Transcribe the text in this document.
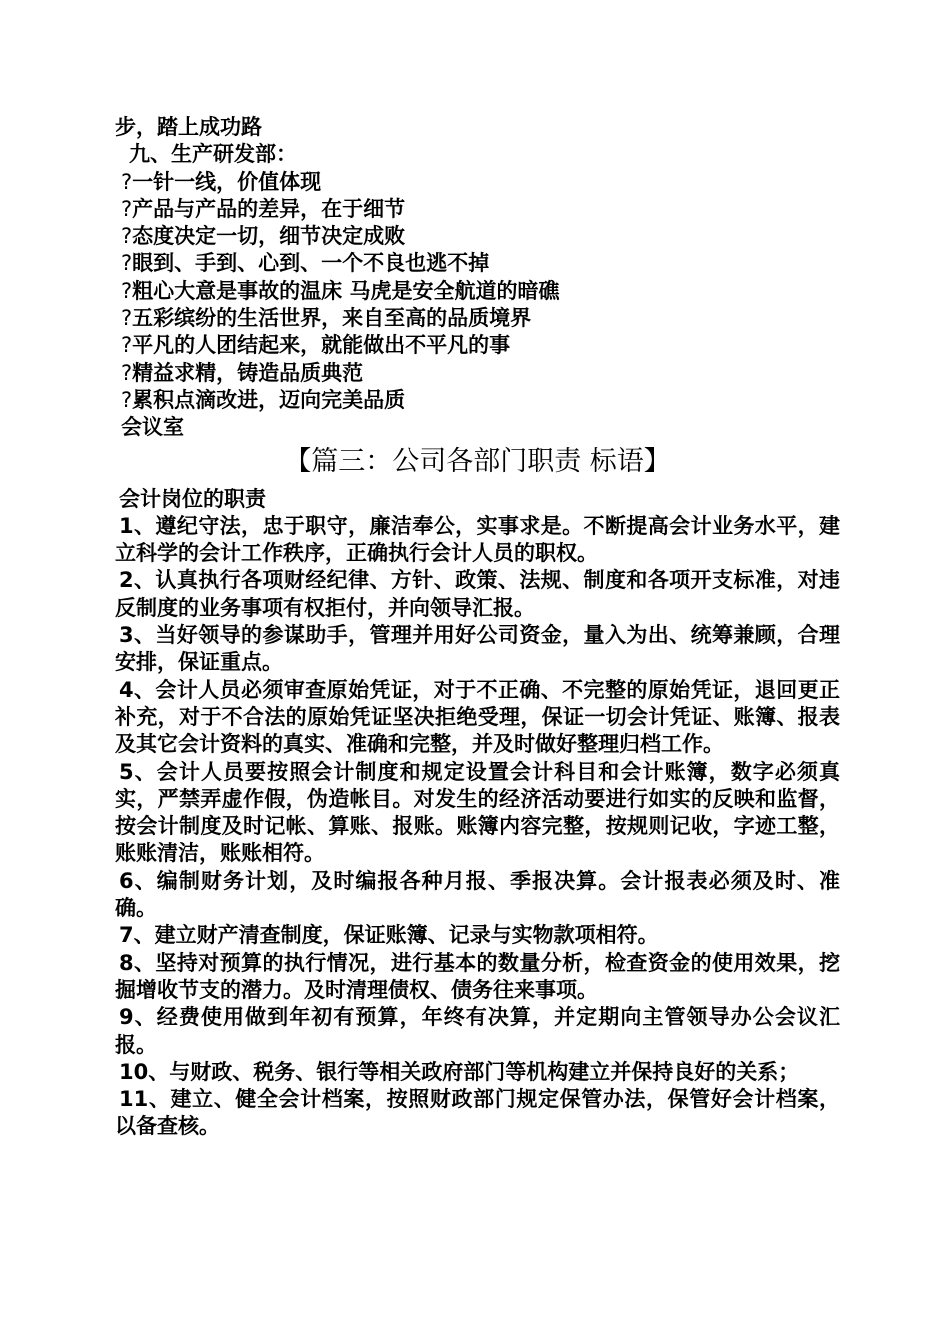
步，踏上成功路
九、生产研发部：
?一针一线，价值体现
?产品与产品的差异，在于细节
?态度决定一切，细节决定成败
?眼到、手到、心到、一个不良也逃不掉
?粗心大意是事故的温床 马虎是安全航道的暗礁
?五彩缤纷的生活世界，来自至高的品质境界
?平凡的人团结起来，就能做出不平凡的事
?精益求精，铸造品质典范
?累积点滴改进，迈向完美品质
会议室
【篇三：公司各部门职责 标语】
会计岗位的职责
1、遵纪守法，忠于职守，廉洁奉公，实事求是。不断提高会计业务水平，建立科学的会计工作秩序，正确执行会计人员的职权。
2、认真执行各项财经纪律、方针、政策、法规、制度和各项开支标准，对违反制度的业务事项有权拒付，并向领导汇报。
3、当好领导的参谋助手，管理并用好公司资金，量入为出、统筹兼顾，合理安排，保证重点。
4、会计人员必须审查原始凭证，对于不正确、不完整的原始凭证，退回更正补充，对于不合法的原始凭证坚决拒绝受理，保证一切会计凭证、账簿、报表及其它会计资料的真实、准确和完整，并及时做好整理归档工作。
5、会计人员要按照会计制度和规定设置会计科目和会计账簿，数字必须真实，严禁弄虚作假，伪造帐目。对发生的经济活动要进行如实的反映和监督，按会计制度及时记帐、算账、报账。账簿内容完整，按规则记收，字迹工整，账账清洁，账账相符。
6、编制财务计划，及时编报各种月报、季报决算。会计报表必须及时、准确。
7、建立财产清查制度，保证账簿、记录与实物款项相符。
8、坚持对预算的执行情况，进行基本的数量分析，检查资金的使用效果，挖掘增收节支的潜力。及时清理债权、债务往来事项。
9、经费使用做到年初有预算，年终有决算，并定期向主管领导办公会议汇报。
10、与财政、税务、银行等相关政府部门等机构建立并保持良好的关系；
11、建立、健全会计档案，按照财政部门规定保管办法，保管好会计档案，以备查核。
